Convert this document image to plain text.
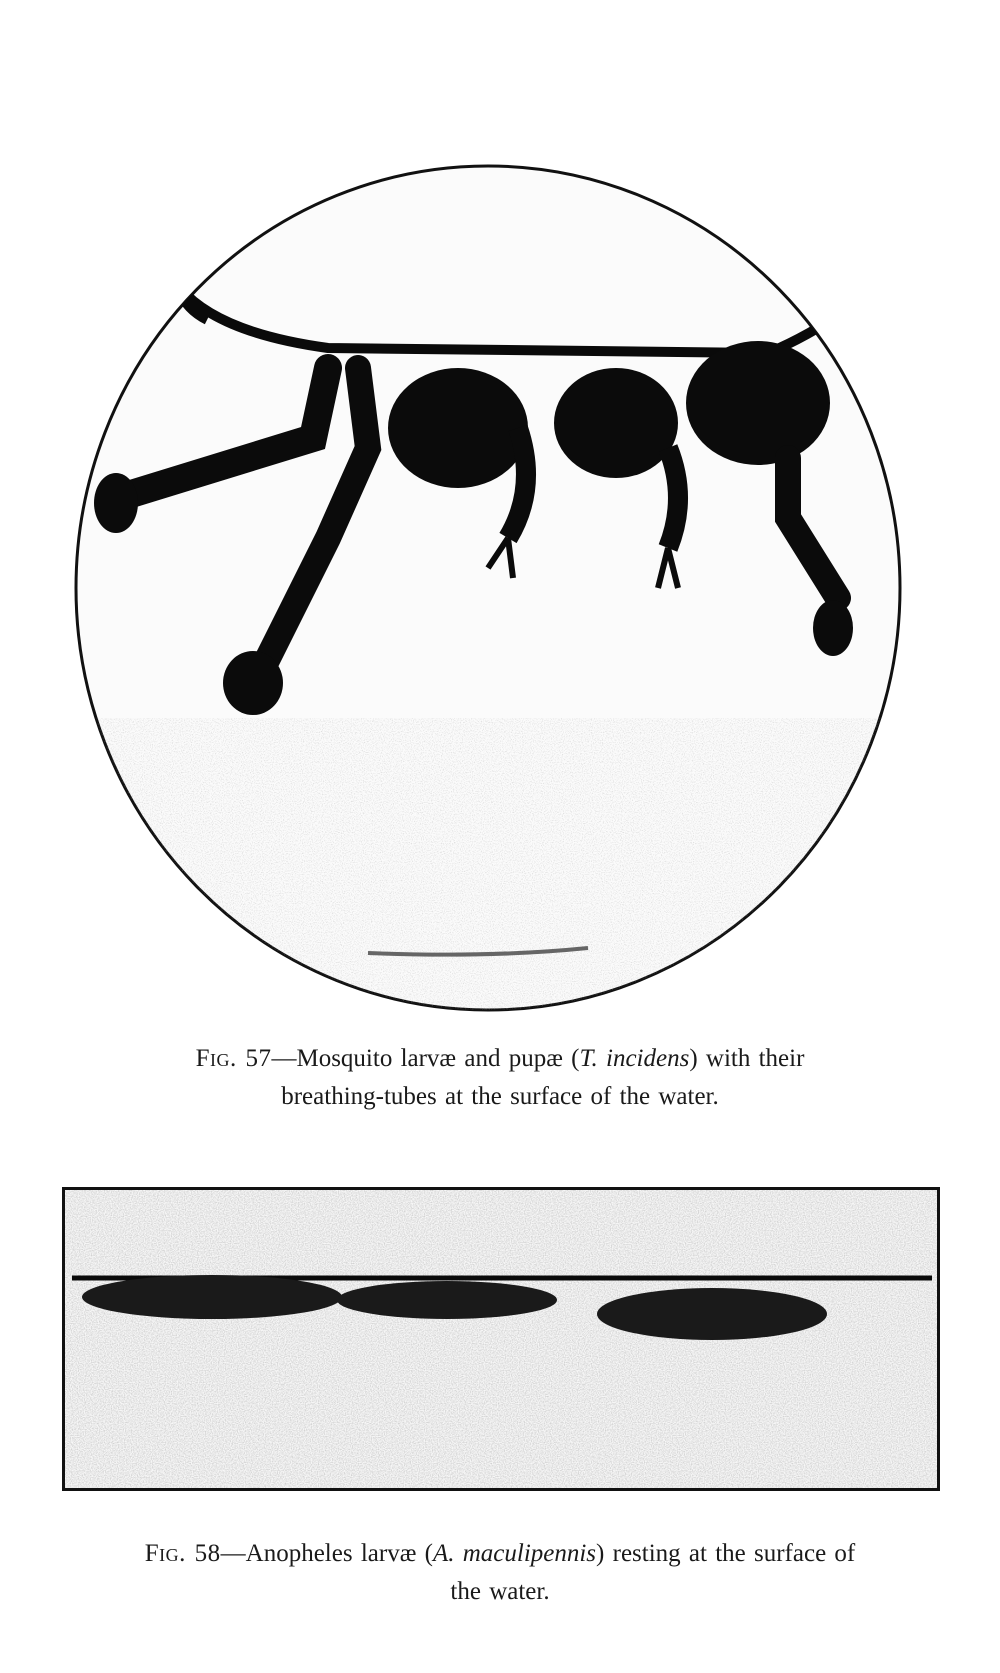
Fig. 57—Mosquito larvæ and pupæ (T. incidens) with their
breathing-tubes at the surface of the water.
Fig. 58—Anopheles larvæ (A. maculipennis) resting at the surface of
the water.
